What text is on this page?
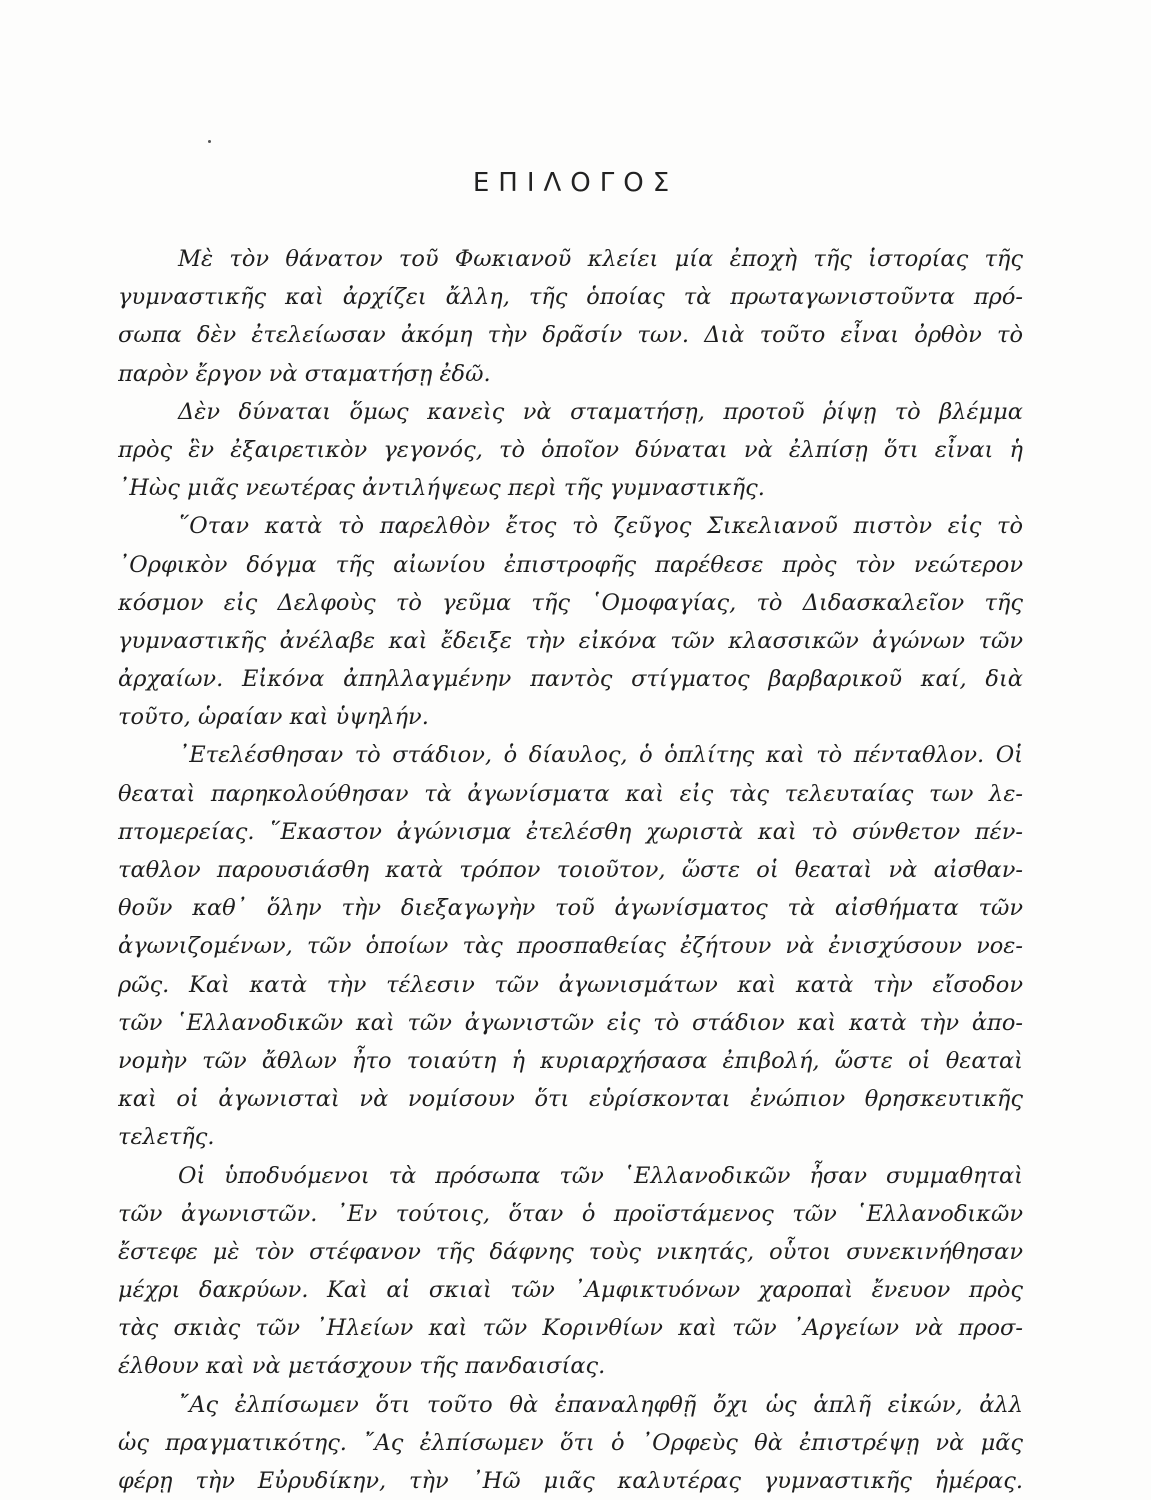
ΕΠΙΛΟΓΟΣ
Μὲ τὸν θάνατον τοῦ Φωκιανοῦ κλείει μία ἐποχὴ τῆς ἱστορίας τῆς
γυμναστικῆς καὶ ἀρχίζει ἄλλη, τῆς ὁποίας τὰ πρωταγωνιστοῦντα πρό-
σωπα δὲν ἐτελείωσαν ἀκόμη τὴν δρᾶσίν των. Διὰ τοῦτο εἶναι ὀρθὸν τὸ
παρὸν ἔργον νὰ σταματήσῃ ἐδῶ.
Δὲν δύναται ὅμως κανεὶς νὰ σταματήσῃ, προτοῦ ῥίψῃ τὸ βλέμμα
πρὸς ἓν ἐξαιρετικὸν γεγονός, τὸ ὁποῖον δύναται νὰ ἐλπίσῃ ὅτι εἶναι ἡ
᾿Ηὼς μιᾶς νεωτέρας ἀντιλήψεως περὶ τῆς γυμναστικῆς.
῞Οταν κατὰ τὸ παρελθὸν ἔτος τὸ ζεῦγος Σικελιανοῦ πιστὸν εἰς τὸ
᾿Ορφικὸν δόγμα τῆς αἰωνίου ἐπιστροφῆς παρέθεσε πρὸς τὸν νεώτερον
κόσμον εἰς Δελφοὺς τὸ γεῦμα τῆς ῾Ομοφαγίας, τὸ Διδασκαλεῖον τῆς
γυμναστικῆς ἀνέλαβε καὶ ἔδειξε τὴν εἰκόνα τῶν κλασσικῶν ἀγώνων τῶν
ἀρχαίων. Εἰκόνα ἀπηλλαγμένην παντὸς στίγματος βαρβαρικοῦ καί, διὰ
τοῦτο, ὡραίαν καὶ ὑψηλήν.
᾿Ετελέσθησαν τὸ στάδιον, ὁ δίαυλος, ὁ ὁπλίτης καὶ τὸ πένταθλον. Οἱ
θεαταὶ παρηκολούθησαν τὰ ἀγωνίσματα καὶ εἰς τὰς τελευταίας των λε-
πτομερείας. ῞Εκαστον ἀγώνισμα ἐτελέσθη χωριστὰ καὶ τὸ σύνθετον πέν-
ταθλον παρουσιάσθη κατὰ τρόπον τοιοῦτον, ὥστε οἱ θεαταὶ νὰ αἰσθαν-
θοῦν καθ᾿ ὅλην τὴν διεξαγωγὴν τοῦ ἀγωνίσματος τὰ αἰσθήματα τῶν
ἀγωνιζομένων, τῶν ὁποίων τὰς προσπαθείας ἐζήτουν νὰ ἐνισχύσουν νοε-
ρῶς. Καὶ κατὰ τὴν τέλεσιν τῶν ἀγωνισμάτων καὶ κατὰ τὴν εἴσοδον
τῶν ῾Ελλανοδικῶν καὶ τῶν ἀγωνιστῶν εἰς τὸ στάδιον καὶ κατὰ τὴν ἀπο-
νομὴν τῶν ἄθλων ἦτο τοιαύτη ἡ κυριαρχήσασα ἐπιβολή, ὥστε οἱ θεαταὶ
καὶ οἱ ἀγωνισταὶ νὰ νομίσουν ὅτι εὑρίσκονται ἐνώπιον θρησκευτικῆς
τελετῆς.
Οἱ ὑποδυόμενοι τὰ πρόσωπα τῶν ῾Ελλανοδικῶν ἦσαν συμμαθηταὶ
τῶν ἀγωνιστῶν. ᾿Εν τούτοις, ὅταν ὁ προϊστάμενος τῶν ῾Ελλανοδικῶν
ἔστεφε μὲ τὸν στέφανον τῆς δάφνης τοὺς νικητάς, οὗτοι συνεκινήθησαν
μέχρι δακρύων. Καὶ αἱ σκιαὶ τῶν ᾿Αμφικτυόνων χαροπαὶ ἔνευον πρὸς
τὰς σκιὰς τῶν ᾿Ηλείων καὶ τῶν Κορινθίων καὶ τῶν ᾿Αργείων νὰ προσ-
έλθουν καὶ νὰ μετάσχουν τῆς πανδαισίας.
῎Ας ἐλπίσωμεν ὅτι τοῦτο θὰ ἐπαναληφθῇ ὄχι ὡς ἁπλῆ εἰκών, ἀλλ
ὡς πραγματικότης. ῎Ας ἐλπίσωμεν ὅτι ὁ ᾿Ορφεὺς θὰ ἐπιστρέψῃ νὰ μᾶς
φέρῃ τὴν Εὐρυδίκην, τὴν ᾿Ηῶ μιᾶς καλυτέρας γυμναστικῆς ἡμέρας.
